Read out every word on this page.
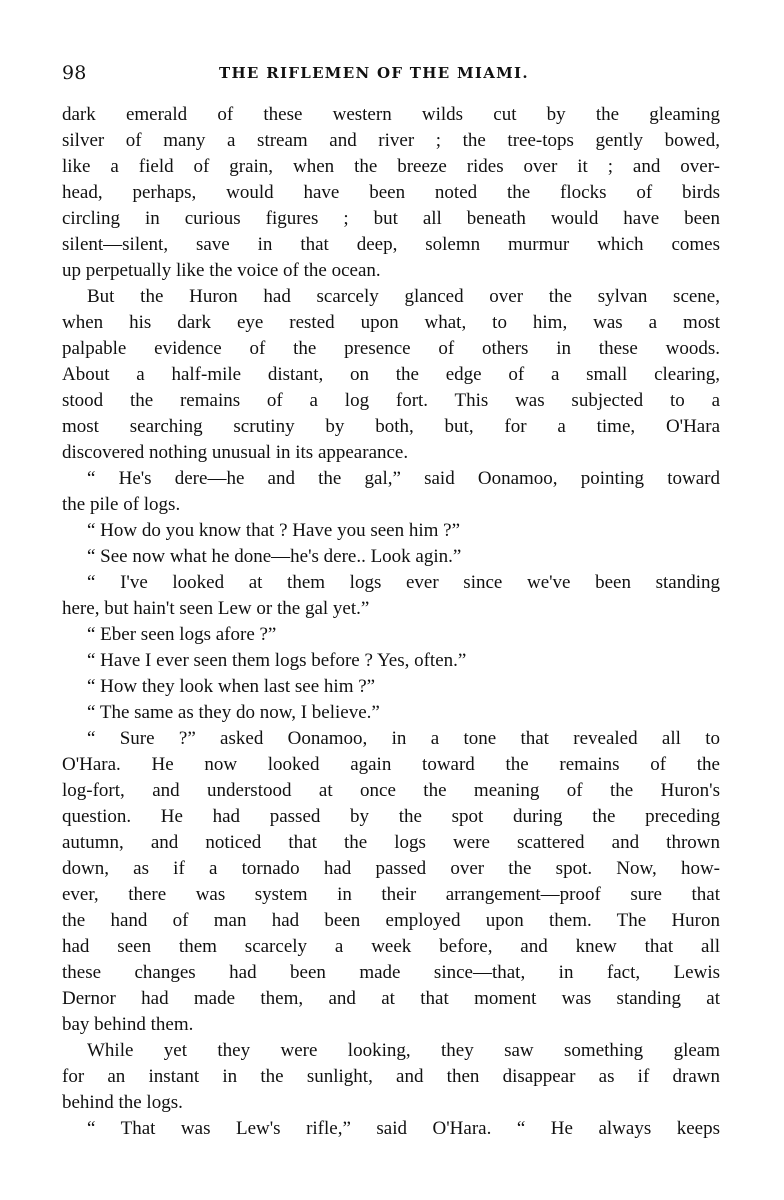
98	THE RIFLEMEN OF THE MIAMI.
dark emerald of these western wilds cut by the gleaming
silver of many a stream and river ; the tree-tops gently bowed,
like a field of grain, when the breeze rides over it ; and over-
head, perhaps, would have been noted the flocks of birds
circling in curious figures ; but all beneath would have been
silent—silent, save in that deep, solemn murmur which comes
up perpetually like the voice of the ocean.
But the Huron had scarcely glanced over the sylvan scene,
when his dark eye rested upon what, to him, was a most
palpable evidence of the presence of others in these woods.
About a half-mile distant, on the edge of a small clearing,
stood the remains of a log fort. This was subjected to a
most searching scrutiny by both, but, for a time, O'Hara
discovered nothing unusual in its appearance.
“ He's dere—he and the gal,” said Oonamoo, pointing toward
the pile of logs.
“ How do you know that ? Have you seen him ?”
“ See now what he done—he's dere.. Look agin.”
“ I've looked at them logs ever since we've been standing
here, but hain't seen Lew or the gal yet.”
“ Eber seen logs afore ?”
“ Have I ever seen them logs before ? Yes, often.”
“ How they look when last see him ?”
“ The same as they do now, I believe.”
“ Sure ?” asked Oonamoo, in a tone that revealed all to
O'Hara. He now looked again toward the remains of the
log-fort, and understood at once the meaning of the Huron's
question. He had passed by the spot during the preceding
autumn, and noticed that the logs were scattered and thrown
down, as if a tornado had passed over the spot. Now, how-
ever, there was system in their arrangement—proof sure that
the hand of man had been employed upon them. The Huron
had seen them scarcely a week before, and knew that all
these changes had been made since—that, in fact, Lewis
Dernor had made them, and at that moment was standing at
bay behind them.
While yet they were looking, they saw something gleam
for an instant in the sunlight, and then disappear as if drawn
behind the logs.
“ That was Lew's rifle,” said O'Hara. “ He always keeps
